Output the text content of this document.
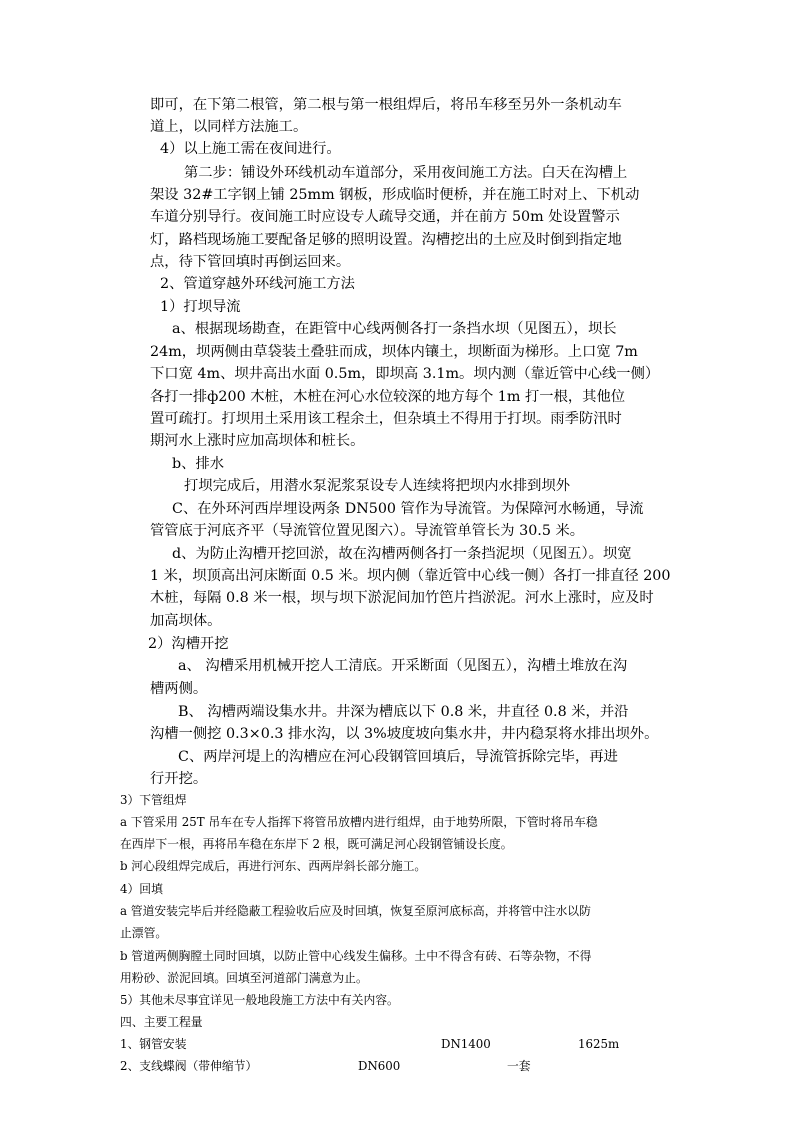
即可，在下第二根管，第二根与第一根组焊后，将吊车移至另外一条机动车

道上，以同样方法施工。

4）以上施工需在夜间进行。

第二步：铺设外环线机动车道部分，采用夜间施工方法。白天在沟槽上

架设 32#工字钢上铺 25mm 钢板，形成临时便桥，并在施工时对上、下机动

车道分别导行。夜间施工时应设专人疏导交通，并在前方 50m 处设置警示

灯，路档现场施工要配备足够的照明设置。沟槽挖出的土应及时倒到指定地

点，待下管回填时再倒运回来。

2、管道穿越外环线河施工方法

1）打坝导流

a、根据现场勘查，在距管中心线两侧各打一条挡水坝（见图五），坝长

24m，坝两侧由草袋装土叠驻而成，坝体内镶土，坝断面为梯形。上口宽 7m

下口宽 4m、坝井高出水面 0.5m，即坝高 3.1m。坝内测（靠近管中心线一侧）

各打一排ф200 木桩，木桩在河心水位较深的地方每个 1m 打一根，其他位

置可疏打。打坝用土采用该工程余土，但杂填土不得用于打坝。雨季防汛时

期河水上涨时应加高坝体和桩长。

b、排水

打坝完成后，用潜水泵泥浆泵设专人连续将把坝内水排到坝外

C、在外环河西岸埋设两条 DN500 管作为导流管。为保障河水畅通，导流

管管底于河底齐平（导流管位置见图六）。导流管单管长为 30.5 米。

d、为防止沟槽开挖回淤，故在沟槽两侧各打一条挡泥坝（见图五）。坝宽

1 米，坝顶高出河床断面 0.5 米。坝内侧（靠近管中心线一侧）各打一排直径 200

木桩，每隔 0.8 米一根，坝与坝下淤泥间加竹笆片挡淤泥。河水上涨时，应及时

加高坝体。

2）沟槽开挖

a、 沟槽采用机械开挖人工清底。开采断面（见图五），沟槽土堆放在沟

槽两侧。

B、 沟槽两端设集水井。井深为槽底以下 0.8 米，井直径 0.8 米，并沿

沟槽一侧挖 0.3×0.3 排水沟，以 3%坡度坡向集水井，井内稳泵将水排出坝外。

C、两岸河堤上的沟槽应在河心段钢管回填后，导流管拆除完毕，再进

行开挖。

3）下管组焊

a 下管采用 25T 吊车在专人指挥下将管吊放槽内进行组焊，由于地势所限，下管时将吊车稳

在西岸下一根，再将吊车稳在东岸下 2 根，既可满足河心段钢管铺设长度。

b 河心段组焊完成后，再进行河东、西两岸斜长部分施工。

4）回填

a 管道安装完毕后并经隐蔽工程验收后应及时回填，恢复至原河底标高，并将管中注水以防

止漂管。

b 管道两侧胸膛土同时回填，以防止管中心线发生偏移。土中不得含有砖、石等杂物，不得

用粉砂、淤泥回填。回填至河道部门满意为止。

5）其他未尽事宜详见一般地段施工方法中有关内容。

四、主要工程量

1、钢管安装	DN1400	1625m

2、支线蝶阀（带伸缩节）	DN600	一套
